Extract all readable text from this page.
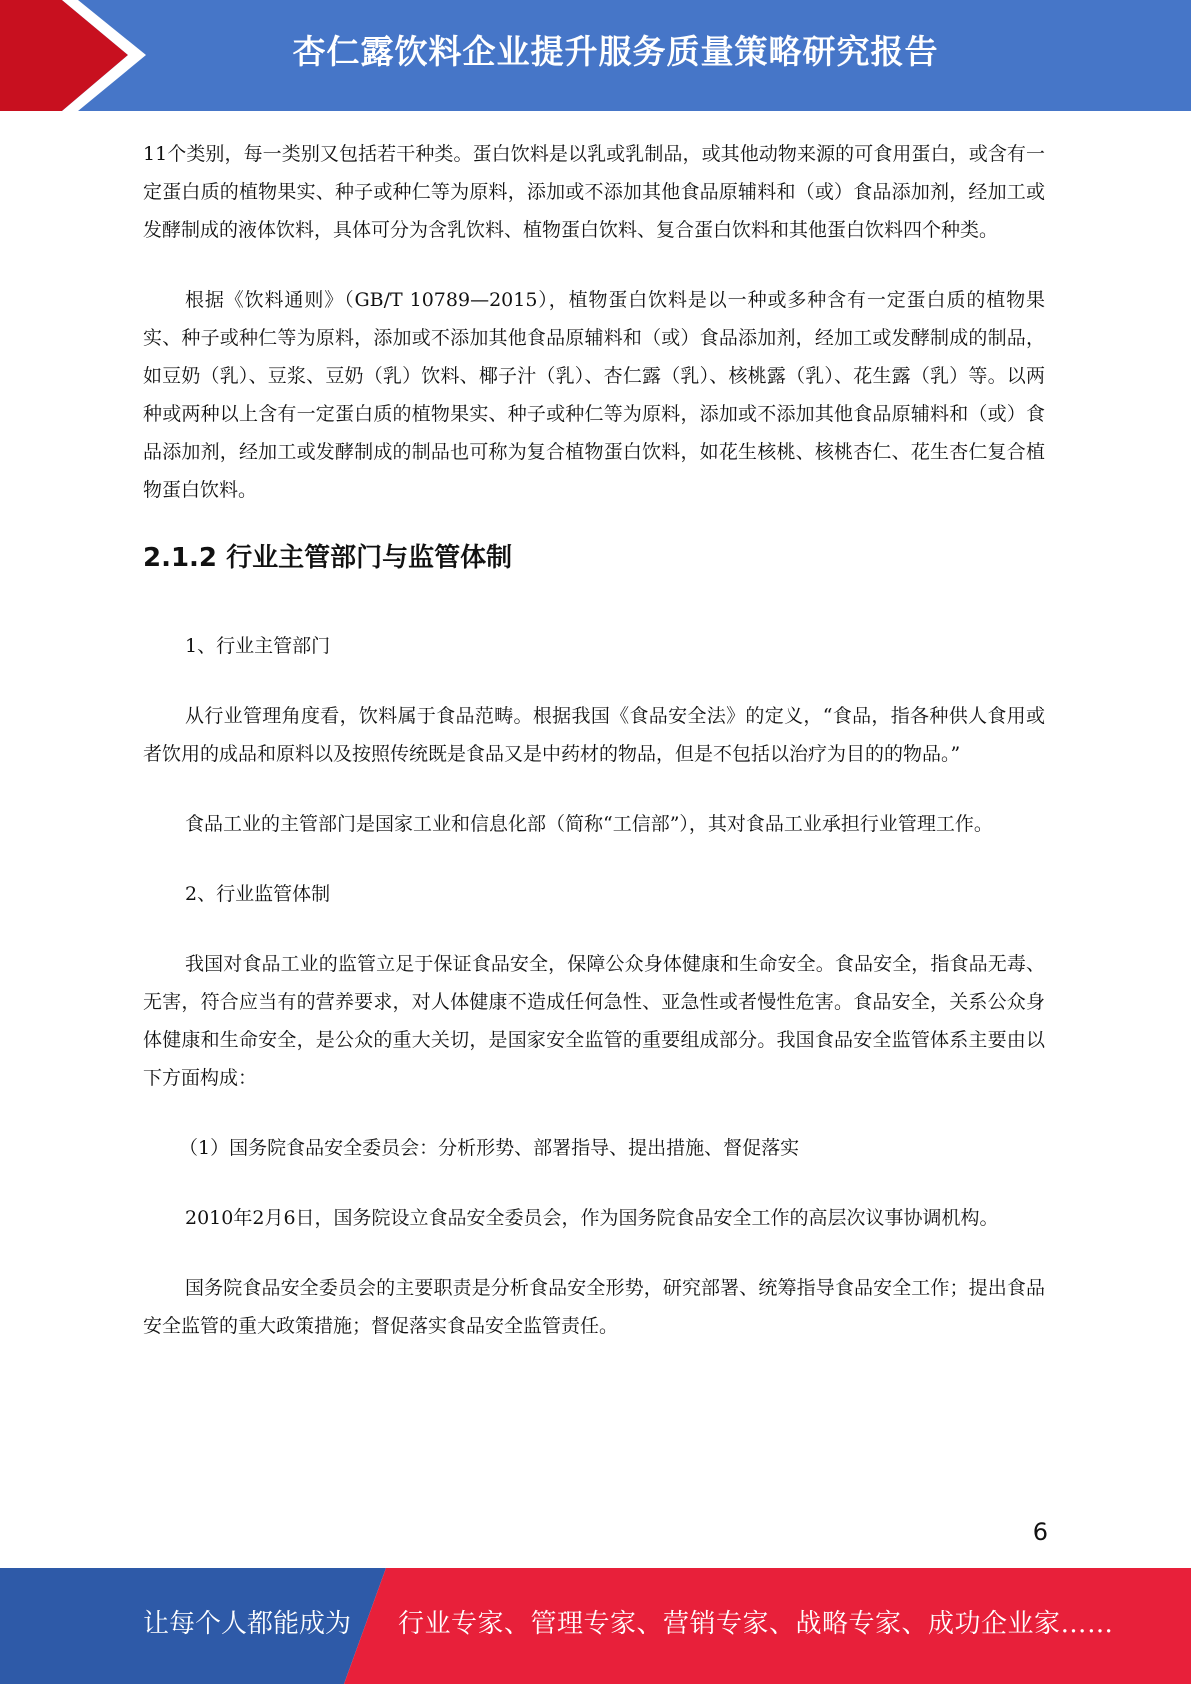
杏仁露饮料企业提升服务质量策略研究报告

11个类别，每一类别又包括若干种类。蛋白饮料是以乳或乳制品，或其他动物来源的可食用蛋白，或含有一定蛋白质的植物果实、种子或种仁等为原料，添加或不添加其他食品原辅料和（或）食品添加剂，经加工或发酵制成的液体饮料，具体可分为含乳饮料、植物蛋白饮料、复合蛋白饮料和其他蛋白饮料四个种类。

根据《饮料通则》（GB/T 10789—2015），植物蛋白饮料是以一种或多种含有一定蛋白质的植物果实、种子或种仁等为原料，添加或不添加其他食品原辅料和（或）食品添加剂，经加工或发酵制成的制品，如豆奶（乳）、豆浆、豆奶（乳）饮料、椰子汁（乳）、杏仁露（乳）、核桃露（乳）、花生露（乳）等。以两种或两种以上含有一定蛋白质的植物果实、种子或种仁等为原料，添加或不添加其他食品原辅料和（或）食品添加剂，经加工或发酵制成的制品也可称为复合植物蛋白饮料，如花生核桃、核桃杏仁、花生杏仁复合植物蛋白饮料。

2.1.2 行业主管部门与监管体制

1、行业主管部门

从行业管理角度看，饮料属于食品范畴。根据我国《食品安全法》的定义，“食品，指各种供人食用或者饮用的成品和原料以及按照传统既是食品又是中药材的物品，但是不包括以治疗为目的的物品。”

食品工业的主管部门是国家工业和信息化部（简称“工信部”），其对食品工业承担行业管理工作。

2、行业监管体制

我国对食品工业的监管立足于保证食品安全，保障公众身体健康和生命安全。食品安全，指食品无毒、无害，符合应当有的营养要求，对人体健康不造成任何急性、亚急性或者慢性危害。食品安全，关系公众身体健康和生命安全，是公众的重大关切，是国家安全监管的重要组成部分。我国食品安全监管体系主要由以下方面构成：

（1）国务院食品安全委员会：分析形势、部署指导、提出措施、督促落实

2010年2月6日，国务院设立食品安全委员会，作为国务院食品安全工作的高层次议事协调机构。

国务院食品安全委员会的主要职责是分析食品安全形势，研究部署、统筹指导食品安全工作；提出食品安全监管的重大政策措施；督促落实食品安全监管责任。

6
让每个人都能成为 行业专家、管理专家、营销专家、战略专家、成功企业家……
